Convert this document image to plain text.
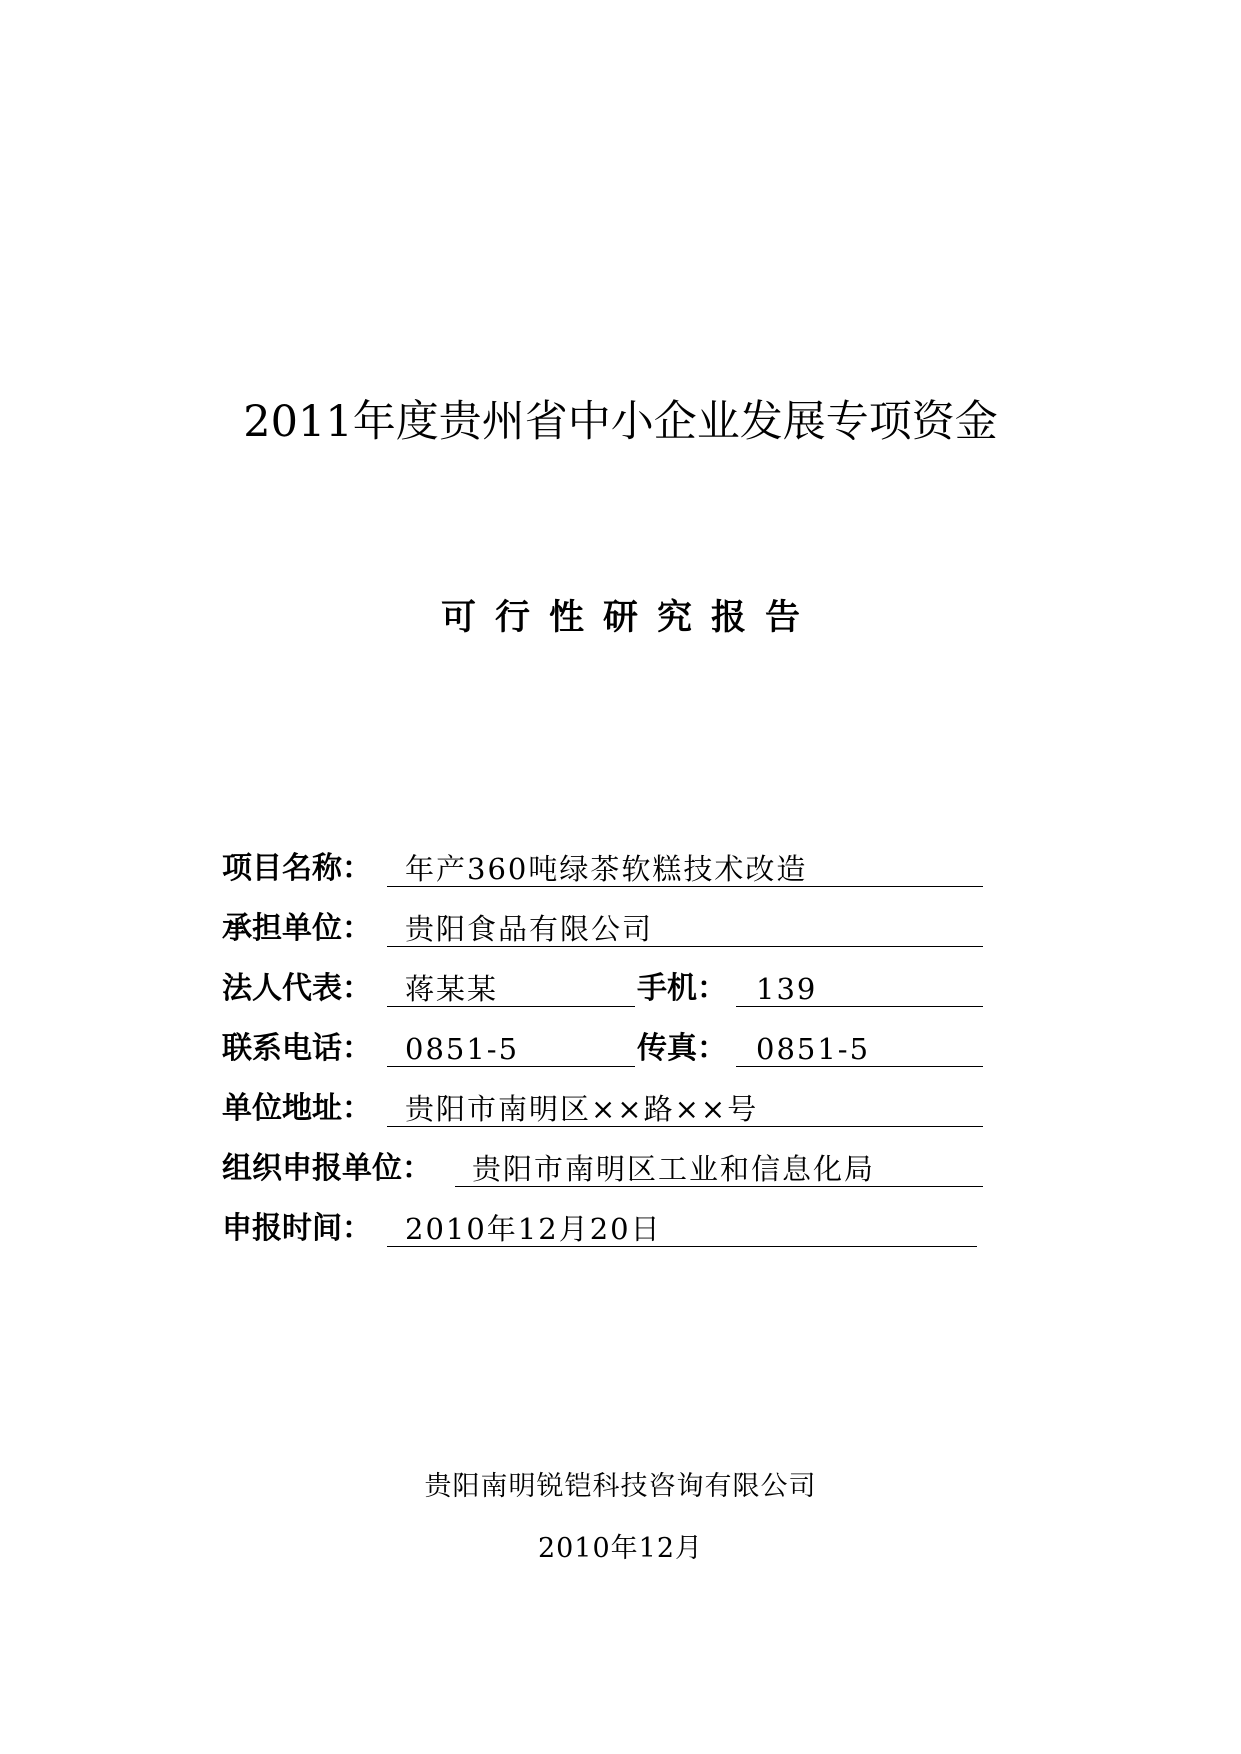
2011年度贵州省中小企业发展专项资金
可行性研究报告
项目名称： 年产360吨绿茶软糕技术改造
承担单位： 贵阳食品有限公司
法人代表： 蒋某某	手机： 139
联系电话： 0851-5	传真： 0851-5
单位地址： 贵阳市南明区××路××号
组织申报单位： 贵阳市南明区工业和信息化局
申报时间： 2010年12月20日
贵阳南明锐铠科技咨询有限公司
2010年12月
